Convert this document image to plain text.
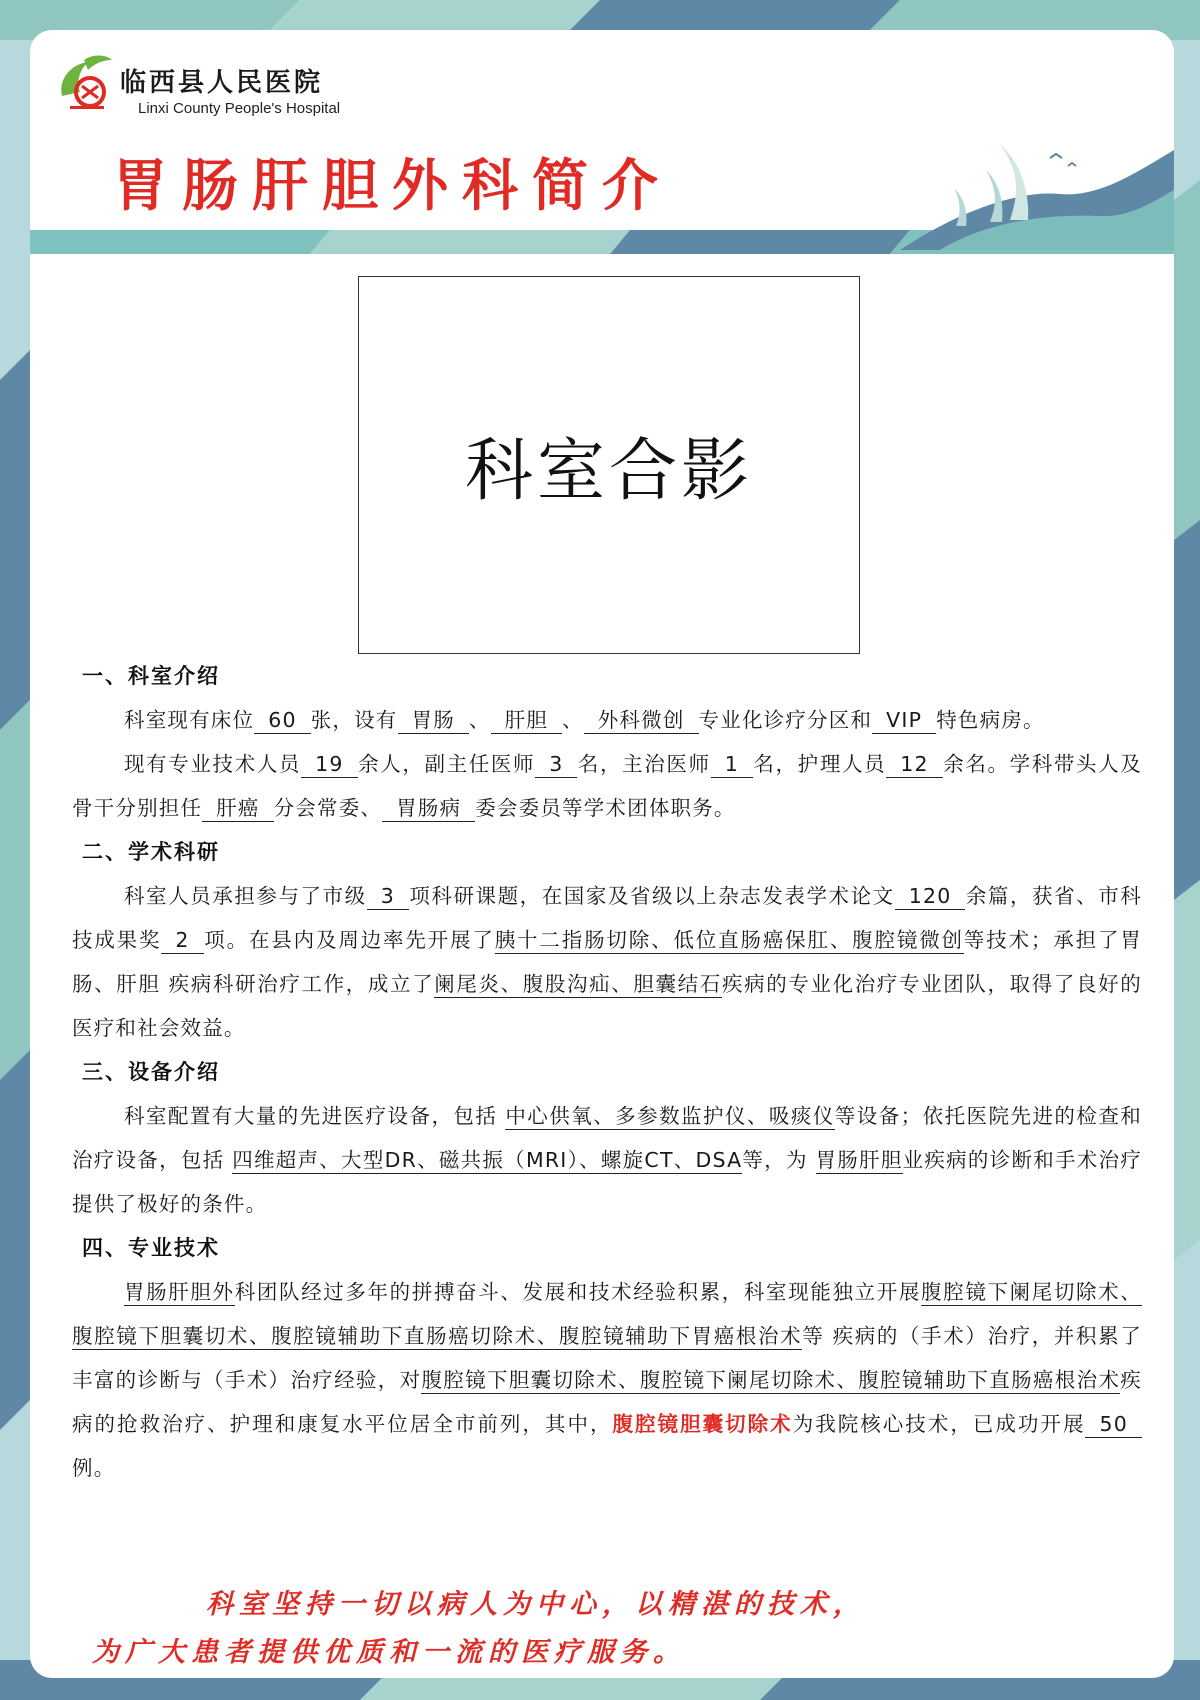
临西县人民医院
Linxi County People's Hospital
胃肠肝胆外科简介
科室合影
一、科室介绍

科室现有床位 60 张，设有 胃肠 、 肝胆 、 外科微创 专业化诊疗分区和 VIP 特色病房。

现有专业技术人员 19 余人，副主任医师 3 名，主治医师 1 名，护理人员 12 余名。学科带头人及骨干分别担任 肝癌 分会常委、 胃肠病 委会委员等学术团体职务。

二、学术科研

科室人员承担参与了市级 3 项科研课题，在国家及省级以上杂志发表学术论文 120 余篇，获省、市科技成果奖 2 项。在县内及周边率先开展了胰十二指肠切除、低位直肠癌保肛、腹腔镜微创等技术；承担了胃肠、肝胆 疾病科研治疗工作，成立了阑尾炎、腹股沟疝、胆囊结石疾病的专业化治疗专业团队，取得了良好的医疗和社会效益。

三、设备介绍

科室配置有大量的先进医疗设备，包括 中心供氧、多参数监护仪、吸痰仪等设备；依托医院先进的检查和治疗设备，包括 四维超声、大型DR、磁共振（MRI）、螺旋CT、DSA等，为 胃肠肝胆业疾病的诊断和手术治疗提供了极好的条件。

四、专业技术

胃肠肝胆外科团队经过多年的拼搏奋斗、发展和技术经验积累，科室现能独立开展腹腔镜下阑尾切除术、腹腔镜下胆囊切术、腹腔镜辅助下直肠癌切除术、腹腔镜辅助下胃癌根治术等 疾病的（手术）治疗，并积累了丰富的诊断与（手术）治疗经验，对腹腔镜下胆囊切除术、腹腔镜下阑尾切除术、腹腔镜辅助下直肠癌根治术疾病的抢救治疗、护理和康复水平位居全市前列，其中，腹腔镜胆囊切除术为我院核心技术，已成功开展 50例。

科室坚持一切以病人为中心，以精湛的技术，
为广大患者提供优质和一流的医疗服务。
